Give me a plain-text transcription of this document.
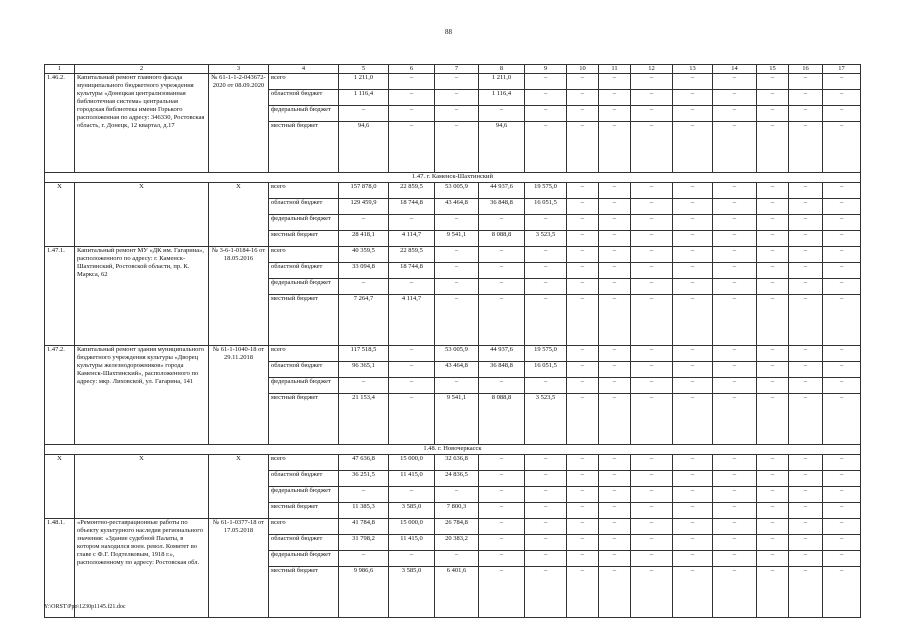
88
1	2	3	4	5	6	7	8	9	10	11	12	13	14	15	16	17
1.46.2.	Капитальный ремонт главного фасада муниципального бюджетного учреждения культуры «Донецкая централизованная библиотечная система» центральная городская библиотека имени Горького расположенная по адресу: 346330, Ростовская область, г. Донецк, 12 квартал, д.17	№ 61-1-1-2-043672-2020 от 08.09.2020	всего	1 211,0	–	–	1 211,0	–	–	–	–	–	–	–	–	–
			областной бюджет	1 116,4	–	–	1 116,4	–	–	–	–	–	–	–	–	–
			федеральный бюджет	–	–	–	–	–	–	–	–	–	–	–	–	–
			местный бюджет	94,6	–	–	94,6	–	–	–	–	–	–	–	–	–
1.47. г. Каменск-Шахтинский																
X	X	X	всего	157 878,0	22 859,5	53 005,9	44 937,6	19 575,0	–	–	–	–	–	–	–	–
			областной бюджет	129 459,9	18 744,8	43 464,8	36 848,8	16 051,5	–	–	–	–	–	–	–	–
			федеральный бюджет	–	–	–	–	–	–	–	–	–	–	–	–	–
			местный бюджет	28 418,1	4 114,7	9 541,1	8 088,8	3 523,5	–	–	–	–	–	–	–	–
1.47.1.	Капитальный ремонт МУ «ДК им. Гагарина», расположенного по адресу: г. Каменск-Шахтинский, Ростовской области, пр. К. Маркса, 62	№ 3-6-1-0184-16 от 18.05.2016	всего	40 359,5	22 859,5	–	–	–	–	–	–	–	–	–	–	–
			областной бюджет	33 094,8	18 744,8	–	–	–	–	–	–	–	–	–	–	–
			федеральный бюджет	–	–	–	–	–	–	–	–	–	–	–	–	–
			местный бюджет	7 264,7	4 114,7	–	–	–	–	–	–	–	–	–	–	–
1.47.2.	Капитальный ремонт здания муниципального бюджетного учреждения культуры «Дворец культуры железнодорожников» города Каменск-Шахтинский», расположенного по адресу: мкр. Лиховской, ул. Гагарина, 141	№ 61-1-1040-18 от 29.11.2018	всего	117 518,5	–	53 005,9	44 937,6	19 575,0	–	–	–	–	–	–	–	–
			областной бюджет	96 365,1	–	43 464,8	36 848,8	16 051,5	–	–	–	–	–	–	–	–
			федеральный бюджет	–	–	–	–	–	–	–	–	–	–	–	–	–
			местный бюджет	21 153,4	–	9 541,1	8 088,8	3 523,5	–	–	–	–	–	–	–	–
1.48. г. Новочеркасск																
X	X	X	всего	47 636,8	15 000,0	32 636,8	–	–	–	–	–	–	–	–	–	–
			областной бюджет	36 251,5	11 415,0	24 836,5	–	–	–	–	–	–	–	–	–	–
			федеральный бюджет	–	–	–	–	–	–	–	–	–	–	–	–	–
			местный бюджет	11 385,3	3 585,0	7 800,3	–	–	–	–	–	–	–	–	–	–
1.48.1.	«Ремонтно-реставрационные работы по объекту культурного наследия регионального значения: «Здание судебной Палаты, в котором находился воен. револ. Комитет во главе с Ф.Г. Подтелковым, 1918 г.», расположенному по адресу: Ростовская обл.	№ 61-1-0377-18 от 17.05.2018	всего	41 784,8	15 000,0	26 784,8	–	–	–	–	–	–	–	–	–	–
			областной бюджет	31 798,2	11 415,0	20 383,2	–	–	–	–	–	–	–	–	–	–
			федеральный бюджет	–	–	–	–	–	–	–	–	–	–	–	–	–
			местный бюджет	9 986,6	3 585,0	6 401,6	–	–	–	–	–	–	–	–	–	–
Y:\ORST\Ppo\1230p1145.f21.doc
